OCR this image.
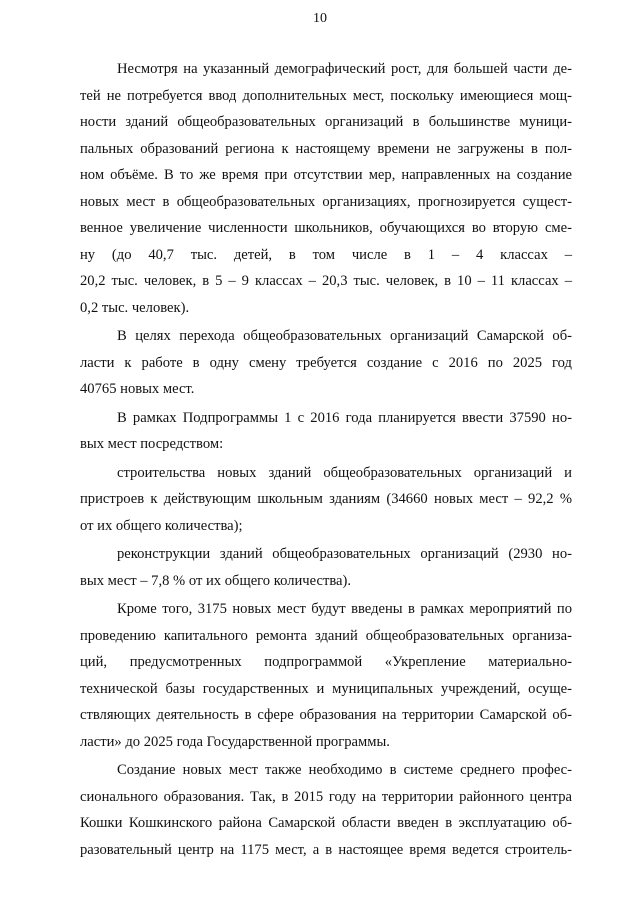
10
Несмотря на указанный демографический рост, для большей части де-
тей не потребуется ввод дополнительных мест, поскольку имеющиеся мощ-
ности зданий общеобразовательных организаций в большинстве муници-
пальных образований региона к настоящему времени не загружены в пол-
ном объёме. В то же время при отсутствии мер, направленных на создание
новых мест в общеобразовательных организациях, прогнозируется сущест-
венное увеличение численности школьников, обучающихся во вторую сме-
ну (до 40,7 тыс. детей, в том числе в 1 – 4 классах –
20,2 тыс. человек, в 5 – 9 классах – 20,3 тыс. человек, в 10 – 11 классах –
0,2 тыс. человек).
В целях перехода общеобразовательных организаций Самарской об-
ласти к работе в одну смену требуется создание с 2016 по 2025 год
40765 новых мест.
В рамках Подпрограммы 1 с 2016 года планируется ввести 37590 но-
вых мест посредством:
строительства новых зданий общеобразовательных организаций и
пристроев к действующим школьным зданиям (34660 новых мест – 92,2 %
от их общего количества);
реконструкции зданий общеобразовательных организаций (2930 но-
вых мест – 7,8 % от их общего количества).
Кроме того, 3175 новых мест будут введены в рамках мероприятий по
проведению капитального ремонта зданий общеобразовательных организа-
ций, предусмотренных подпрограммой «Укрепление материально-
технической базы государственных и муниципальных учреждений, осуще-
ствляющих деятельность в сфере образования на территории Самарской об-
ласти» до 2025 года Государственной программы.
Создание новых мест также необходимо в системе среднего профес-
сионального образования. Так, в 2015 году на территории районного центра
Кошки Кошкинского района Самарской области введен в эксплуатацию об-
разовательный центр на 1175 мест, а в настоящее время ведется строитель-
